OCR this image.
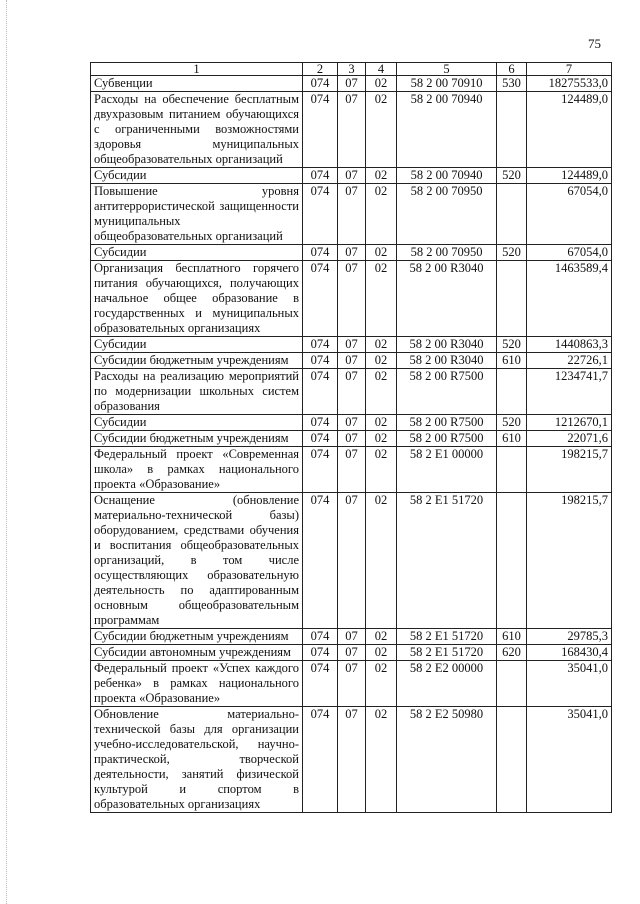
75
1	2	3	4	5	6	7
Субвенции	074	07	02	58 2 00 70910	530	18275533,0
Расходы на обеспечение бесплатным двухразовым питанием обучающихся с ограниченными возможностями здоровья муниципальных общеобразовательных организаций	074	07	02	58 2 00 70940		124489,0
Субсидии	074	07	02	58 2 00 70940	520	124489,0
Повышение уровня антитеррористической защищенности муниципальных общеобразовательных организаций	074	07	02	58 2 00 70950		67054,0
Субсидии	074	07	02	58 2 00 70950	520	67054,0
Организация бесплатного горячего питания обучающихся, получающих начальное общее образование в государственных и муниципальных образовательных организациях	074	07	02	58 2 00 R3040		1463589,4
Субсидии	074	07	02	58 2 00 R3040	520	1440863,3
Субсидии бюджетным учреждениям	074	07	02	58 2 00 R3040	610	22726,1
Расходы на реализацию мероприятий по модернизации школьных систем образования	074	07	02	58 2 00 R7500		1234741,7
Субсидии	074	07	02	58 2 00 R7500	520	1212670,1
Субсидии бюджетным учреждениям	074	07	02	58 2 00 R7500	610	22071,6
Федеральный проект «Современная школа» в рамках национального проекта «Образование»	074	07	02	58 2 E1 00000		198215,7
Оснащение (обновление материально-технической базы) оборудованием, средствами обучения и воспитания общеобразовательных организаций, в том числе осуществляющих образовательную деятельность по адаптированным основным общеобразовательным программам	074	07	02	58 2 E1 51720		198215,7
Субсидии бюджетным учреждениям	074	07	02	58 2 E1 51720	610	29785,3
Субсидии автономным учреждениям	074	07	02	58 2 E1 51720	620	168430,4
Федеральный проект «Успех каждого ребенка» в рамках национального проекта «Образование»	074	07	02	58 2 E2 00000		35041,0
Обновление материально-технической базы для организации учебно-исследовательской, научно-практической, творческой деятельности, занятий физической культурой и спортом в образовательных организациях	074	07	02	58 2 E2 50980		35041,0
